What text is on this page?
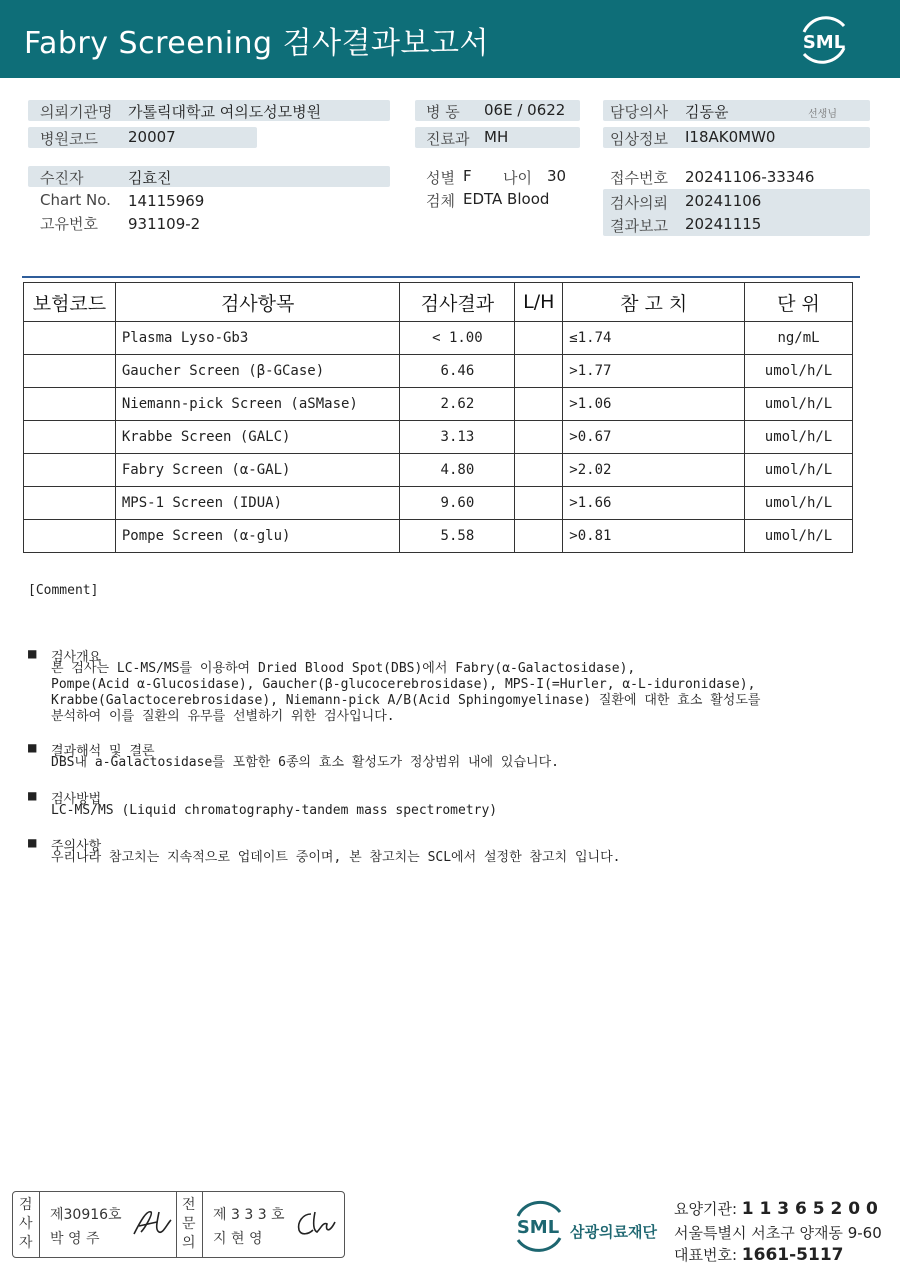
Fabry Screening 검사결과보고서	SML
의뢰기관명 가톨릭대학교 여의도성모병원
병원코드 20007
수진자	김효진
Chart No. 14115969
고유번호 931109-2
병 동 06E / 0622
진료과 MH
성별 F 나이 30
검체 EDTA Blood
담당의사 김동윤	선생님
임상정보 I18AK0MW0
접수번호 20241106-33346
검사의뢰 20241106
결과보고 20241115
보험코드	검사항목	검사결과	L/H	참 고 치	단 위
	Plasma Lyso-Gb3	< 1.00		≤1.74	ng/mL
	Gaucher Screen (β-GCase)	6.46		>1.77	umol/h/L
	Niemann-pick Screen (aSMase)	2.62		>1.06	umol/h/L
	Krabbe Screen (GALC)	3.13		>0.67	umol/h/L
	Fabry Screen (α-GAL)	4.80		>2.02	umol/h/L
	MPS-1 Screen (IDUA)	9.60		>1.66	umol/h/L
	Pompe Screen (α-glu)	5.58		>0.81	umol/h/L
[Comment]
■ 검사개요
본 검사는 LC-MS/MS를 이용하여 Dried Blood Spot(DBS)에서 Fabry(α-Galactosidase),
Pompe(Acid α-Glucosidase), Gaucher(β-glucocerebrosidase), MPS-I(=Hurler, α-L-iduronidase),
Krabbe(Galactocerebrosidase), Niemann-pick A/B(Acid Sphingomyelinase) 질환에 대한 효소 활성도를
분석하여 이를 질환의 유무를 선별하기 위한 검사입니다.
■ 결과해석 및 결론
DBS내 a-Galactosidase를 포함한 6종의 효소 활성도가 정상범위 내에 있습니다.
■ 검사방법
LC-MS/MS (Liquid chromatography-tandem mass spectrometry)
■ 주의사항
우리나라 참고치는 지속적으로 업데이트 중이며, 본 참고치는 SCL에서 설정한 참고치 입니다.
검
사
자
제30916호
박 영 주
전
문
의
제 3 3 3 호
지 현 영
SML 삼광의료재단
요양기관: 1 1 3 6 5 2 0 0
서울특별시 서초구 양재동 9-60
대표번호: 1661-5117
